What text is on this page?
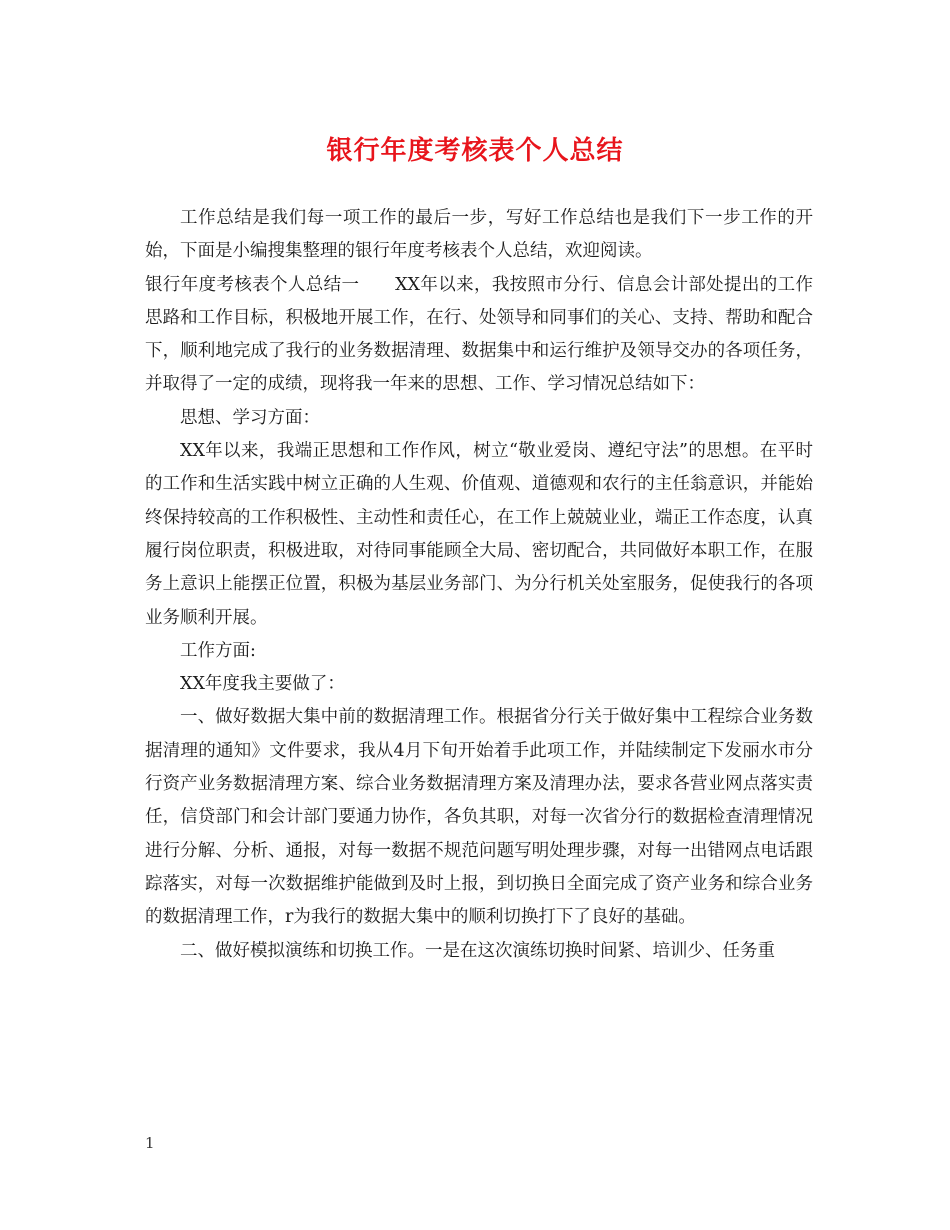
银行年度考核表个人总结

工作总结是我们每一项工作的最后一步，写好工作总结也是我们下一步工作的开始，下面是小编搜集整理的银行年度考核表个人总结，欢迎阅读。

银行年度考核表个人总结一　　XX年以来，我按照市分行、信息会计部处提出的工作思路和工作目标，积极地开展工作，在行、处领导和同事们的关心、支持、帮助和配合下，顺利地完成了我行的业务数据清理、数据集中和运行维护及领导交办的各项任务，并取得了一定的成绩，现将我一年来的思想、工作、学习情况总结如下：

思想、学习方面：

XX年以来，我端正思想和工作作风，树立“敬业爱岗、遵纪守法”的思想。在平时的工作和生活实践中树立正确的人生观、价值观、道德观和农行的主任翁意识，并能始终保持较高的工作积极性、主动性和责任心，在工作上兢兢业业，端正工作态度，认真履行岗位职责，积极进取，对待同事能顾全大局、密切配合，共同做好本职工作，在服务上意识上能摆正位置，积极为基层业务部门、为分行机关处室服务，促使我行的各项业务顺利开展。

工作方面:

XX年度我主要做了：

一、做好数据大集中前的数据清理工作。根据省分行关于做好集中工程综合业务数据清理的通知》文件要求，我从4月下旬开始着手此项工作，并陆续制定下发丽水市分行资产业务数据清理方案、综合业务数据清理方案及清理办法，要求各营业网点落实责任，信贷部门和会计部门要通力协作，各负其职，对每一次省分行的数据检查清理情况进行分解、分析、通报，对每一数据不规范问题写明处理步骤，对每一出错网点电话跟踪落实，对每一次数据维护能做到及时上报，到切换日全面完成了资产业务和综合业务的数据清理工作，r为我行的数据大集中的顺利切换打下了良好的基础。

二、做好模拟演练和切换工作。一是在这次演练切换时间紧、培训少、任务重

1
